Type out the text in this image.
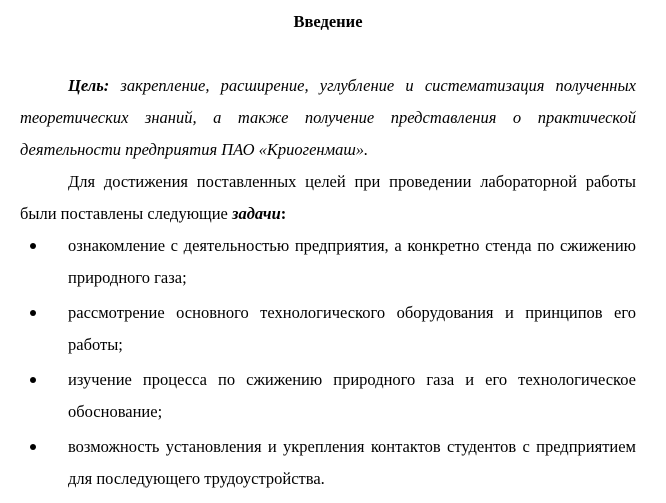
Введение

Цель: закрепление, расширение, углубление и систематизация полученных теоретических знаний, а также получение представления о практической деятельности предприятия ПАО «Криогенмаш».

Для достижения поставленных целей при проведении лабораторной работы были поставлены следующие задачи:

ознакомление с деятельностью предприятия, а конкретно стенда по сжижению природного газа;
рассмотрение основного технологического оборудования и принципов его работы;
изучение процесса по сжижению природного газа и его технологическое обоснование;
возможность установления и укрепления контактов студентов с предприятием для последующего трудоустройства.
